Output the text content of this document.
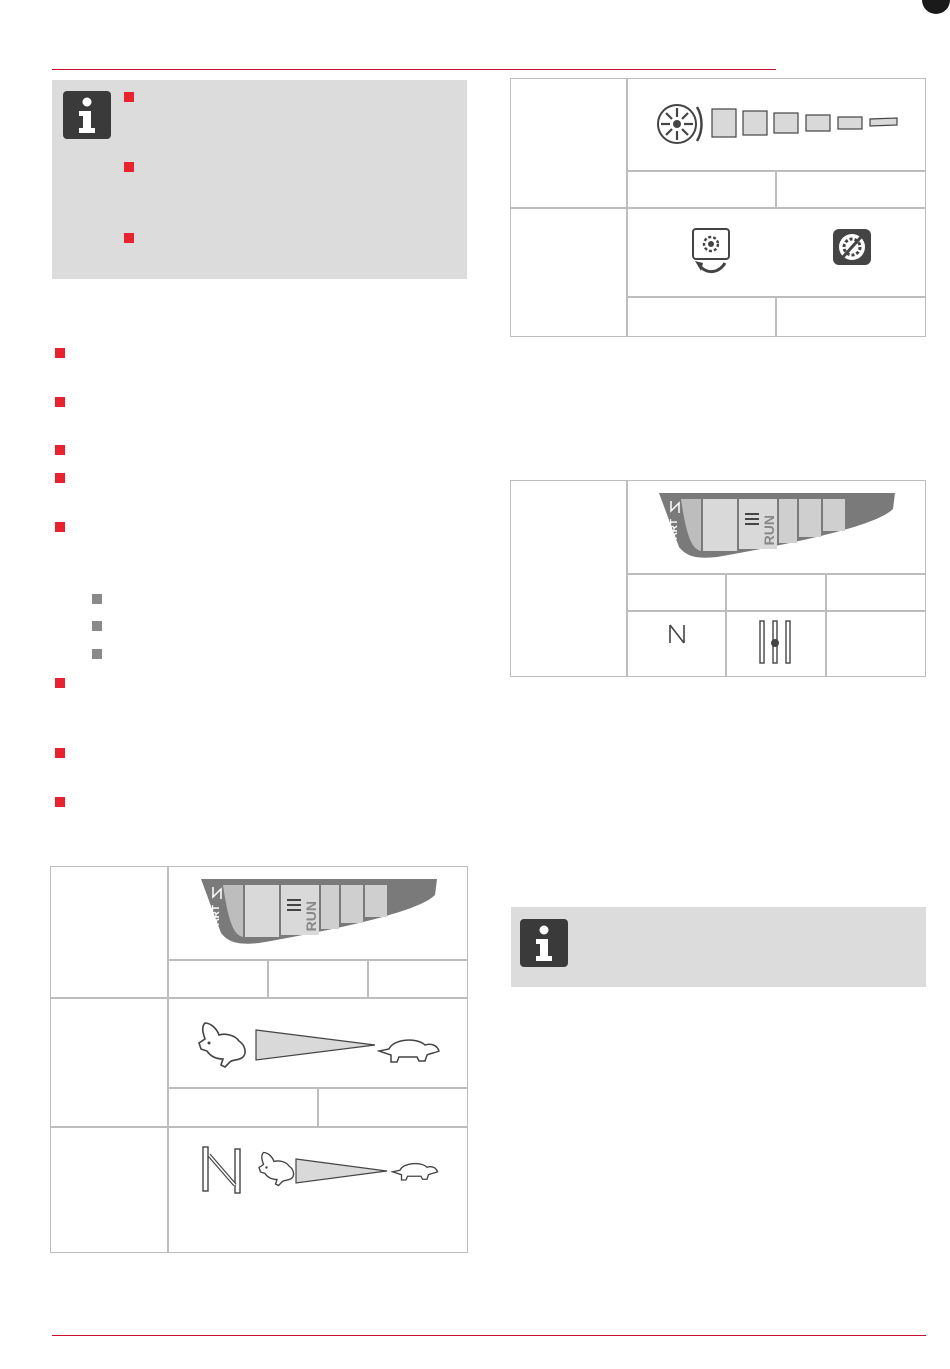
START	RUN
START	RUN
